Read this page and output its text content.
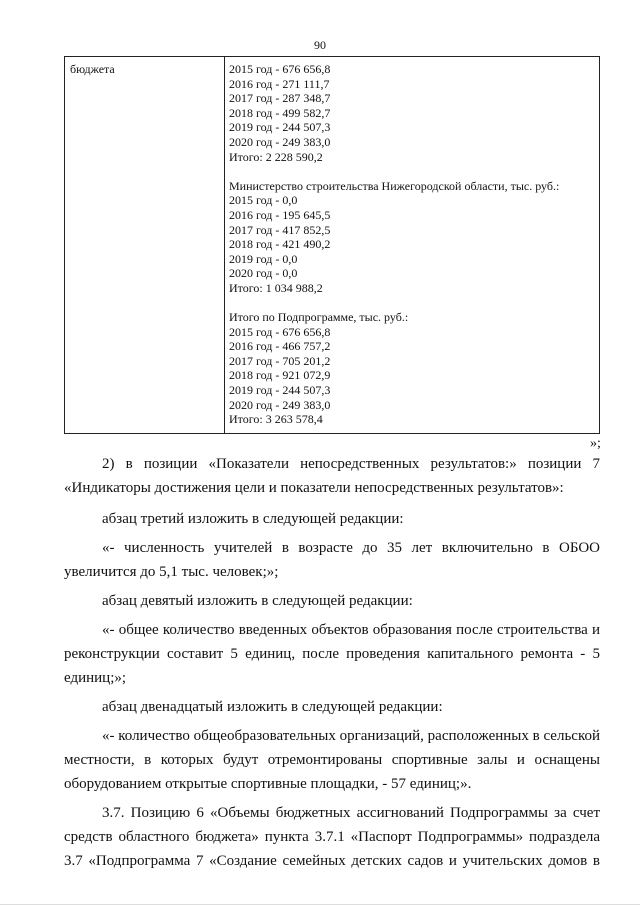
90
бюджета	2015 год - 676 656,8
2016 год - 271 111,7
2017 год - 287 348,7
2018 год - 499 582,7
2019 год - 244 507,3
2020 год - 249 383,0
Итого: 2 228 590,2
Министерство строительства Нижегородской области, тыс. руб.:
2015 год - 0,0
2016 год - 195 645,5
2017 год - 417 852,5
2018 год - 421 490,2
2019 год - 0,0
2020 год - 0,0
Итого: 1 034 988,2
Итого по Подпрограмме, тыс. руб.:
2015 год - 676 656,8
2016 год - 466 757,2
2017 год - 705 201,2
2018 год - 921 072,9
2019 год - 244 507,3
2020 год - 249 383,0
Итого: 3 263 578,4
»;
2) в позиции «Показатели непосредственных результатов:» позиции 7 «Индикаторы достижения цели и показатели непосредственных результатов»:
абзац третий изложить в следующей редакции:
«- численность учителей в возрасте до 35 лет включительно в ОБОО увеличится до 5,1 тыс. человек;»;
абзац девятый изложить в следующей редакции:
«- общее количество введенных объектов образования после строительства и реконструкции составит 5 единиц, после проведения капитального ремонта - 5 единиц;»;
абзац двенадцатый изложить в следующей редакции:
«- количество общеобразовательных организаций, расположенных в сельской местности, в которых будут отремонтированы спортивные залы и оснащены оборудованием открытые спортивные площадки, - 57 единиц;».
3.7. Позицию 6 «Объемы бюджетных ассигнований Подпрограммы за счет средств областного бюджета» пункта 3.7.1 «Паспорт Подпрограммы» подраздела 3.7 «Подпрограмма 7 «Создание семейных детских садов и учительских домов в
